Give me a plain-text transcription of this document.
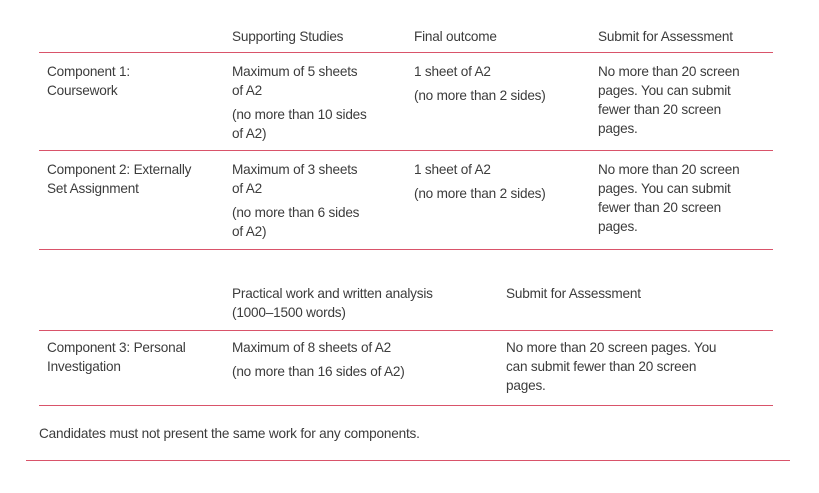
Supporting Studies	Final outcome	Submit for Assessment
Component 1:
Coursework
Maximum of 5 sheets
of A2
(no more than 10 sides
of A2)
1 sheet of A2
(no more than 2 sides)
No more than 20 screen
pages. You can submit
fewer than 20 screen
pages.
Component 2: Externally
Set Assignment
Maximum of 3 sheets
of A2
(no more than 6 sides
of A2)
1 sheet of A2
(no more than 2 sides)
No more than 20 screen
pages. You can submit
fewer than 20 screen
pages.
Practical work and written analysis
(1000–1500 words)
Submit for Assessment
Component 3: Personal
Investigation
Maximum of 8 sheets of A2
(no more than 16 sides of A2)
No more than 20 screen pages. You
can submit fewer than 20 screen
pages.
Candidates must not present the same work for any components.
